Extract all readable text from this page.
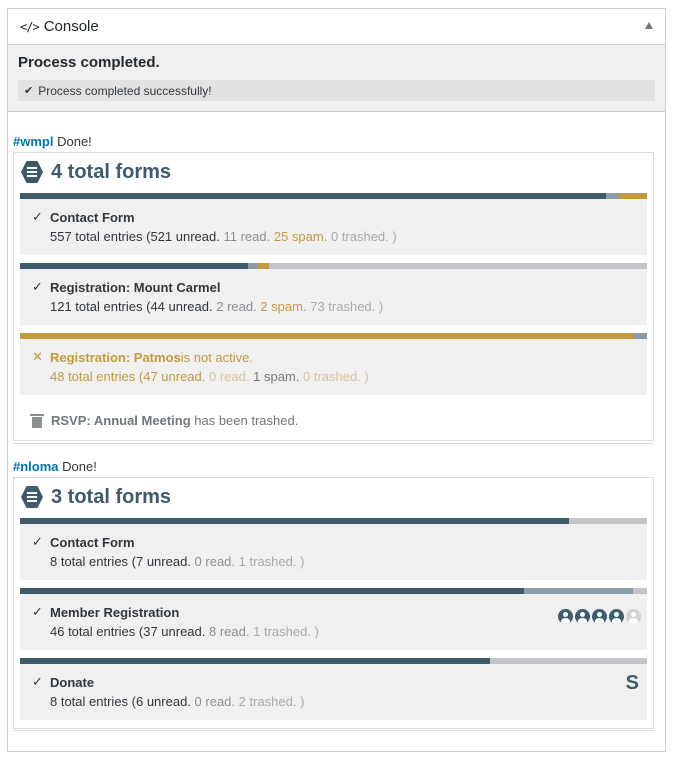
</> Console
Process completed.
✔ Process completed successfully!
#wmpl Done!
4 total forms
✓ Contact Form
557 total entries (521 unread. 11 read. 25 spam. 0 trashed. )
✓ Registration: Mount Carmel
121 total entries (44 unread. 2 read. 2 spam. 73 trashed. )
✕ Registration: Patmos is not active.
48 total entries (47 unread. 0 read. 1 spam. 0 trashed. )
RSVP: Annual Meeting has been trashed.
#nloma Done!
3 total forms
✓ Contact Form
8 total entries (7 unread. 0 read. 1 trashed. )
✓ Member Registration
46 total entries (37 unread. 8 read. 1 trashed. )
✓ Donate
8 total entries (6 unread. 0 read. 2 trashed. )
S
